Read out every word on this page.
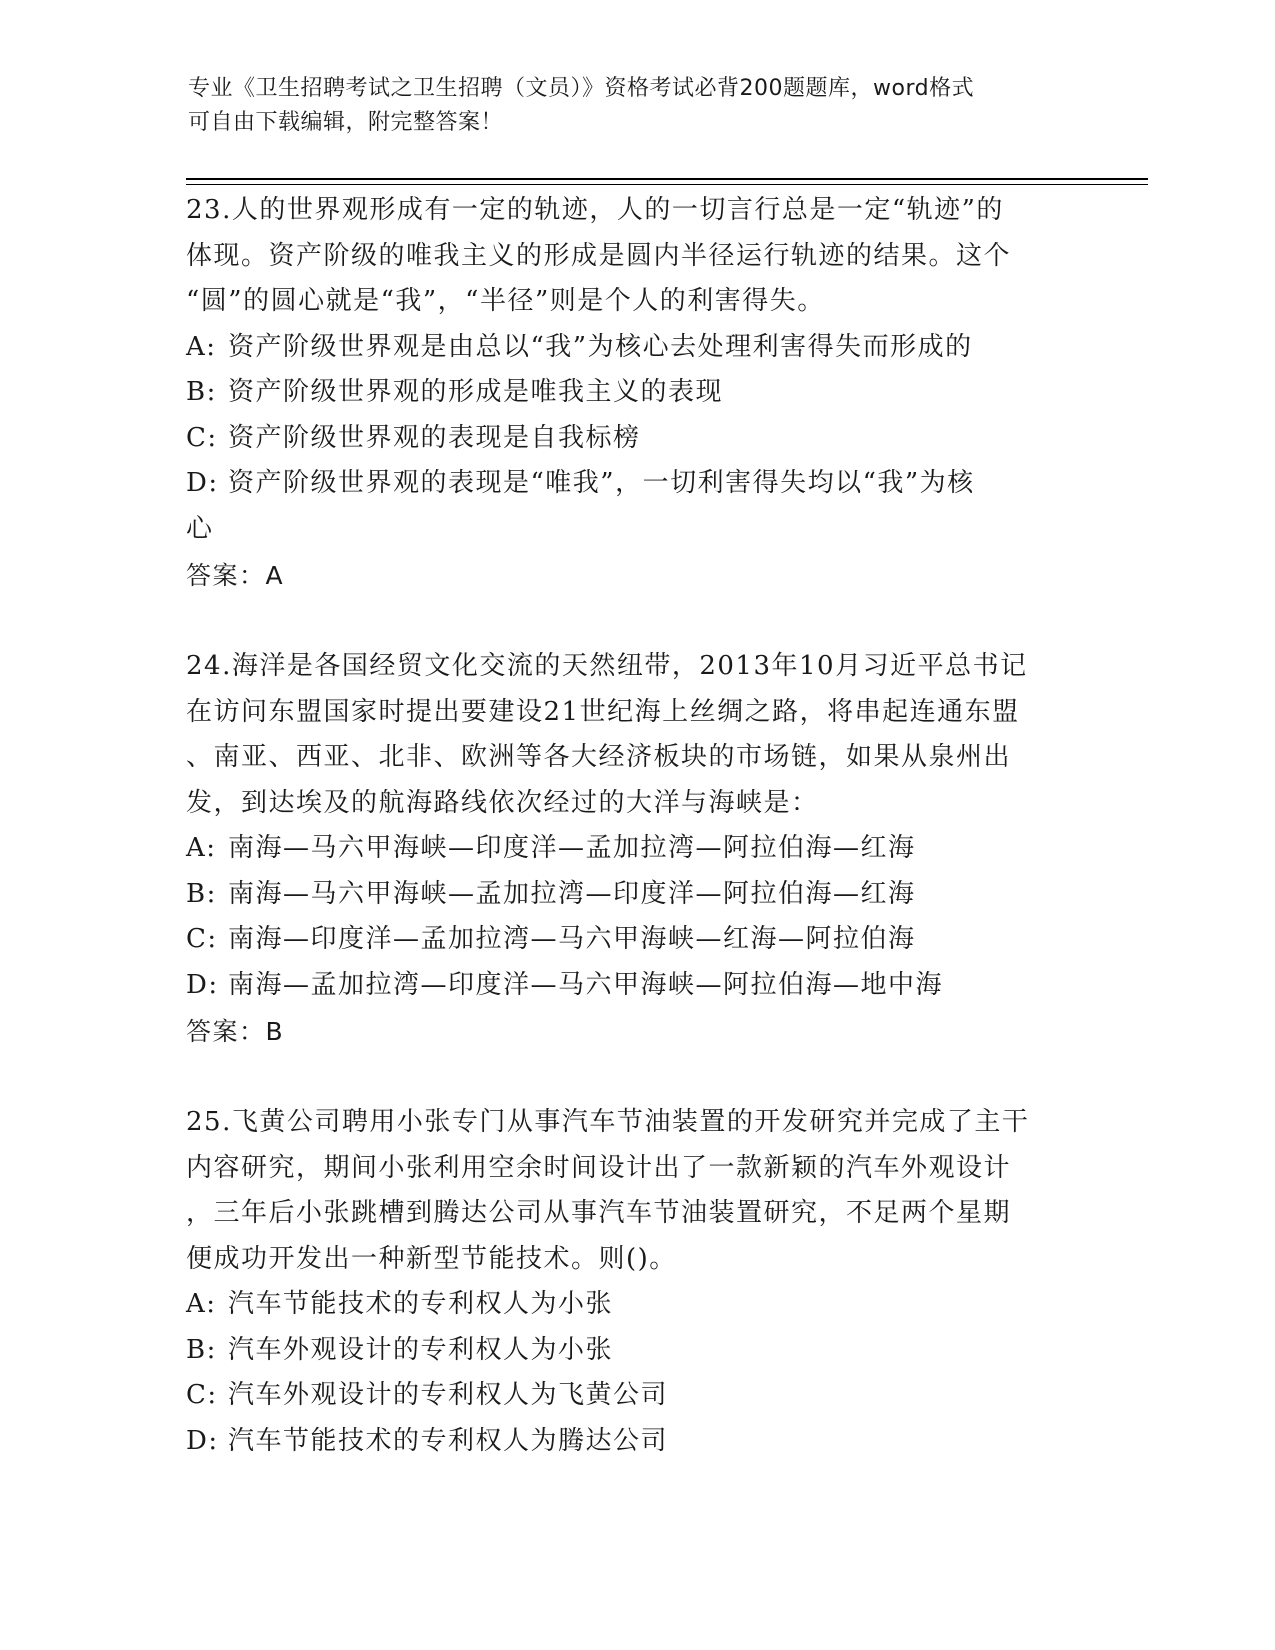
专业《卫生招聘考试之卫生招聘（文员）》资格考试必背200题题库，word格式
可自由下载编辑，附完整答案！

23.人的世界观形成有一定的轨迹，人的一切言行总是一定“轨迹”的

体现。资产阶级的唯我主义的形成是圆内半径运行轨迹的结果。这个

“圆”的圆心就是“我”，“半径”则是个人的利害得失。

A: 资产阶级世界观是由总以“我”为核心去处理利害得失而形成的

B: 资产阶级世界观的形成是唯我主义的表现

C: 资产阶级世界观的表现是自我标榜

D: 资产阶级世界观的表现是“唯我”，一切利害得失均以“我”为核

心

答案：A

24.海洋是各国经贸文化交流的天然纽带，2013年10月习近平总书记

在访问东盟国家时提出要建设21世纪海上丝绸之路，将串起连通东盟

、南亚、西亚、北非、欧洲等各大经济板块的市场链，如果从泉州出

发，到达埃及的航海路线依次经过的大洋与海峡是：

A: 南海—马六甲海峡—印度洋—孟加拉湾—阿拉伯海—红海

B: 南海—马六甲海峡—孟加拉湾—印度洋—阿拉伯海—红海

C: 南海—印度洋—孟加拉湾—马六甲海峡—红海—阿拉伯海

D: 南海—孟加拉湾—印度洋—马六甲海峡—阿拉伯海—地中海

答案：B

25.飞黄公司聘用小张专门从事汽车节油装置的开发研究并完成了主干

内容研究，期间小张利用空余时间设计出了一款新颖的汽车外观设计

，三年后小张跳槽到腾达公司从事汽车节油装置研究，不足两个星期

便成功开发出一种新型节能技术。则()。

A: 汽车节能技术的专利权人为小张

B: 汽车外观设计的专利权人为小张

C: 汽车外观设计的专利权人为飞黄公司

D: 汽车节能技术的专利权人为腾达公司
